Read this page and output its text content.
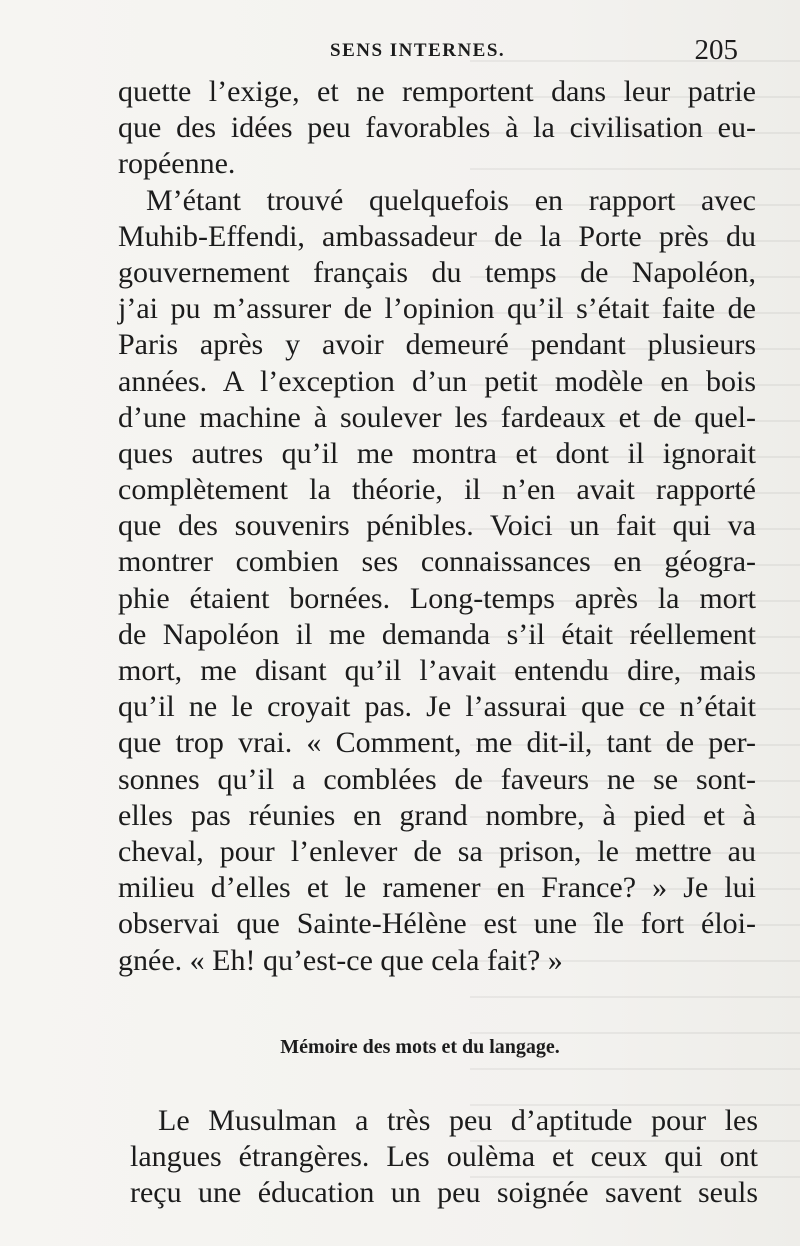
SENS INTERNES.	205
quette l’exige, et ne remportent dans leur patrie
que des idées peu favorables à la civilisation eu-
ropéenne.
M’étant trouvé quelquefois en rapport avec
Muhib-Effendi, ambassadeur de la Porte près du
gouvernement français du temps de Napoléon,
j’ai pu m’assurer de l’opinion qu’il s’était faite de
Paris après y avoir demeuré pendant plusieurs
années. A l’exception d’un petit modèle en bois
d’une machine à soulever les fardeaux et de quel-
ques autres qu’il me montra et dont il ignorait
complètement la théorie, il n’en avait rapporté
que des souvenirs pénibles. Voici un fait qui va
montrer combien ses connaissances en géogra-
phie étaient bornées. Long-temps après la mort
de Napoléon il me demanda s’il était réellement
mort, me disant qu’il l’avait entendu dire, mais
qu’il ne le croyait pas. Je l’assurai que ce n’était
que trop vrai. « Comment, me dit-il, tant de per-
sonnes qu’il a comblées de faveurs ne se sont-
elles pas réunies en grand nombre, à pied et à
cheval, pour l’enlever de sa prison, le mettre au
milieu d’elles et le ramener en France? » Je lui
observai que Sainte-Hélène est une île fort éloi-
gnée. « Eh! qu’est-ce que cela fait? »
Mémoire des mots et du langage.
Le Musulman a très peu d’aptitude pour les
langues étrangères. Les oulèma et ceux qui ont
reçu une éducation un peu soignée savent seuls
